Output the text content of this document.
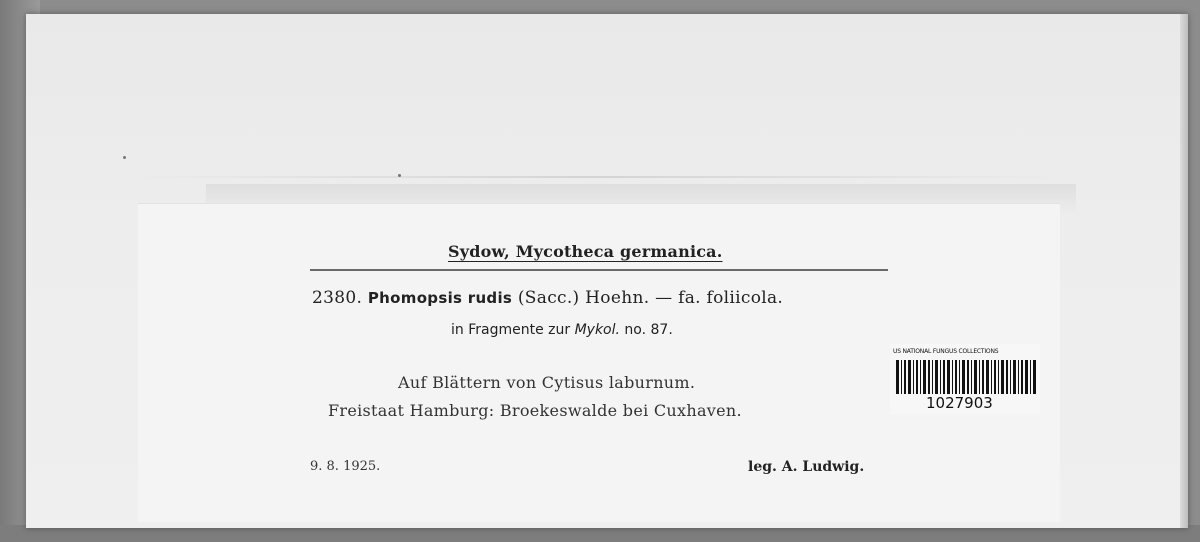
Sydow, Mycotheca germanica.
2380. Phomopsis rudis (Sacc.) Hoehn. — fa. foliicola.
in Fragmente zur Mykol. no. 87.
Auf Blättern von Cytisus laburnum.
Freistaat Hamburg: Broekeswalde bei Cuxhaven.
9. 8. 1925.	leg. A. Ludwig.
US NATIONAL FUNGUS COLLECTIONS
1027903
